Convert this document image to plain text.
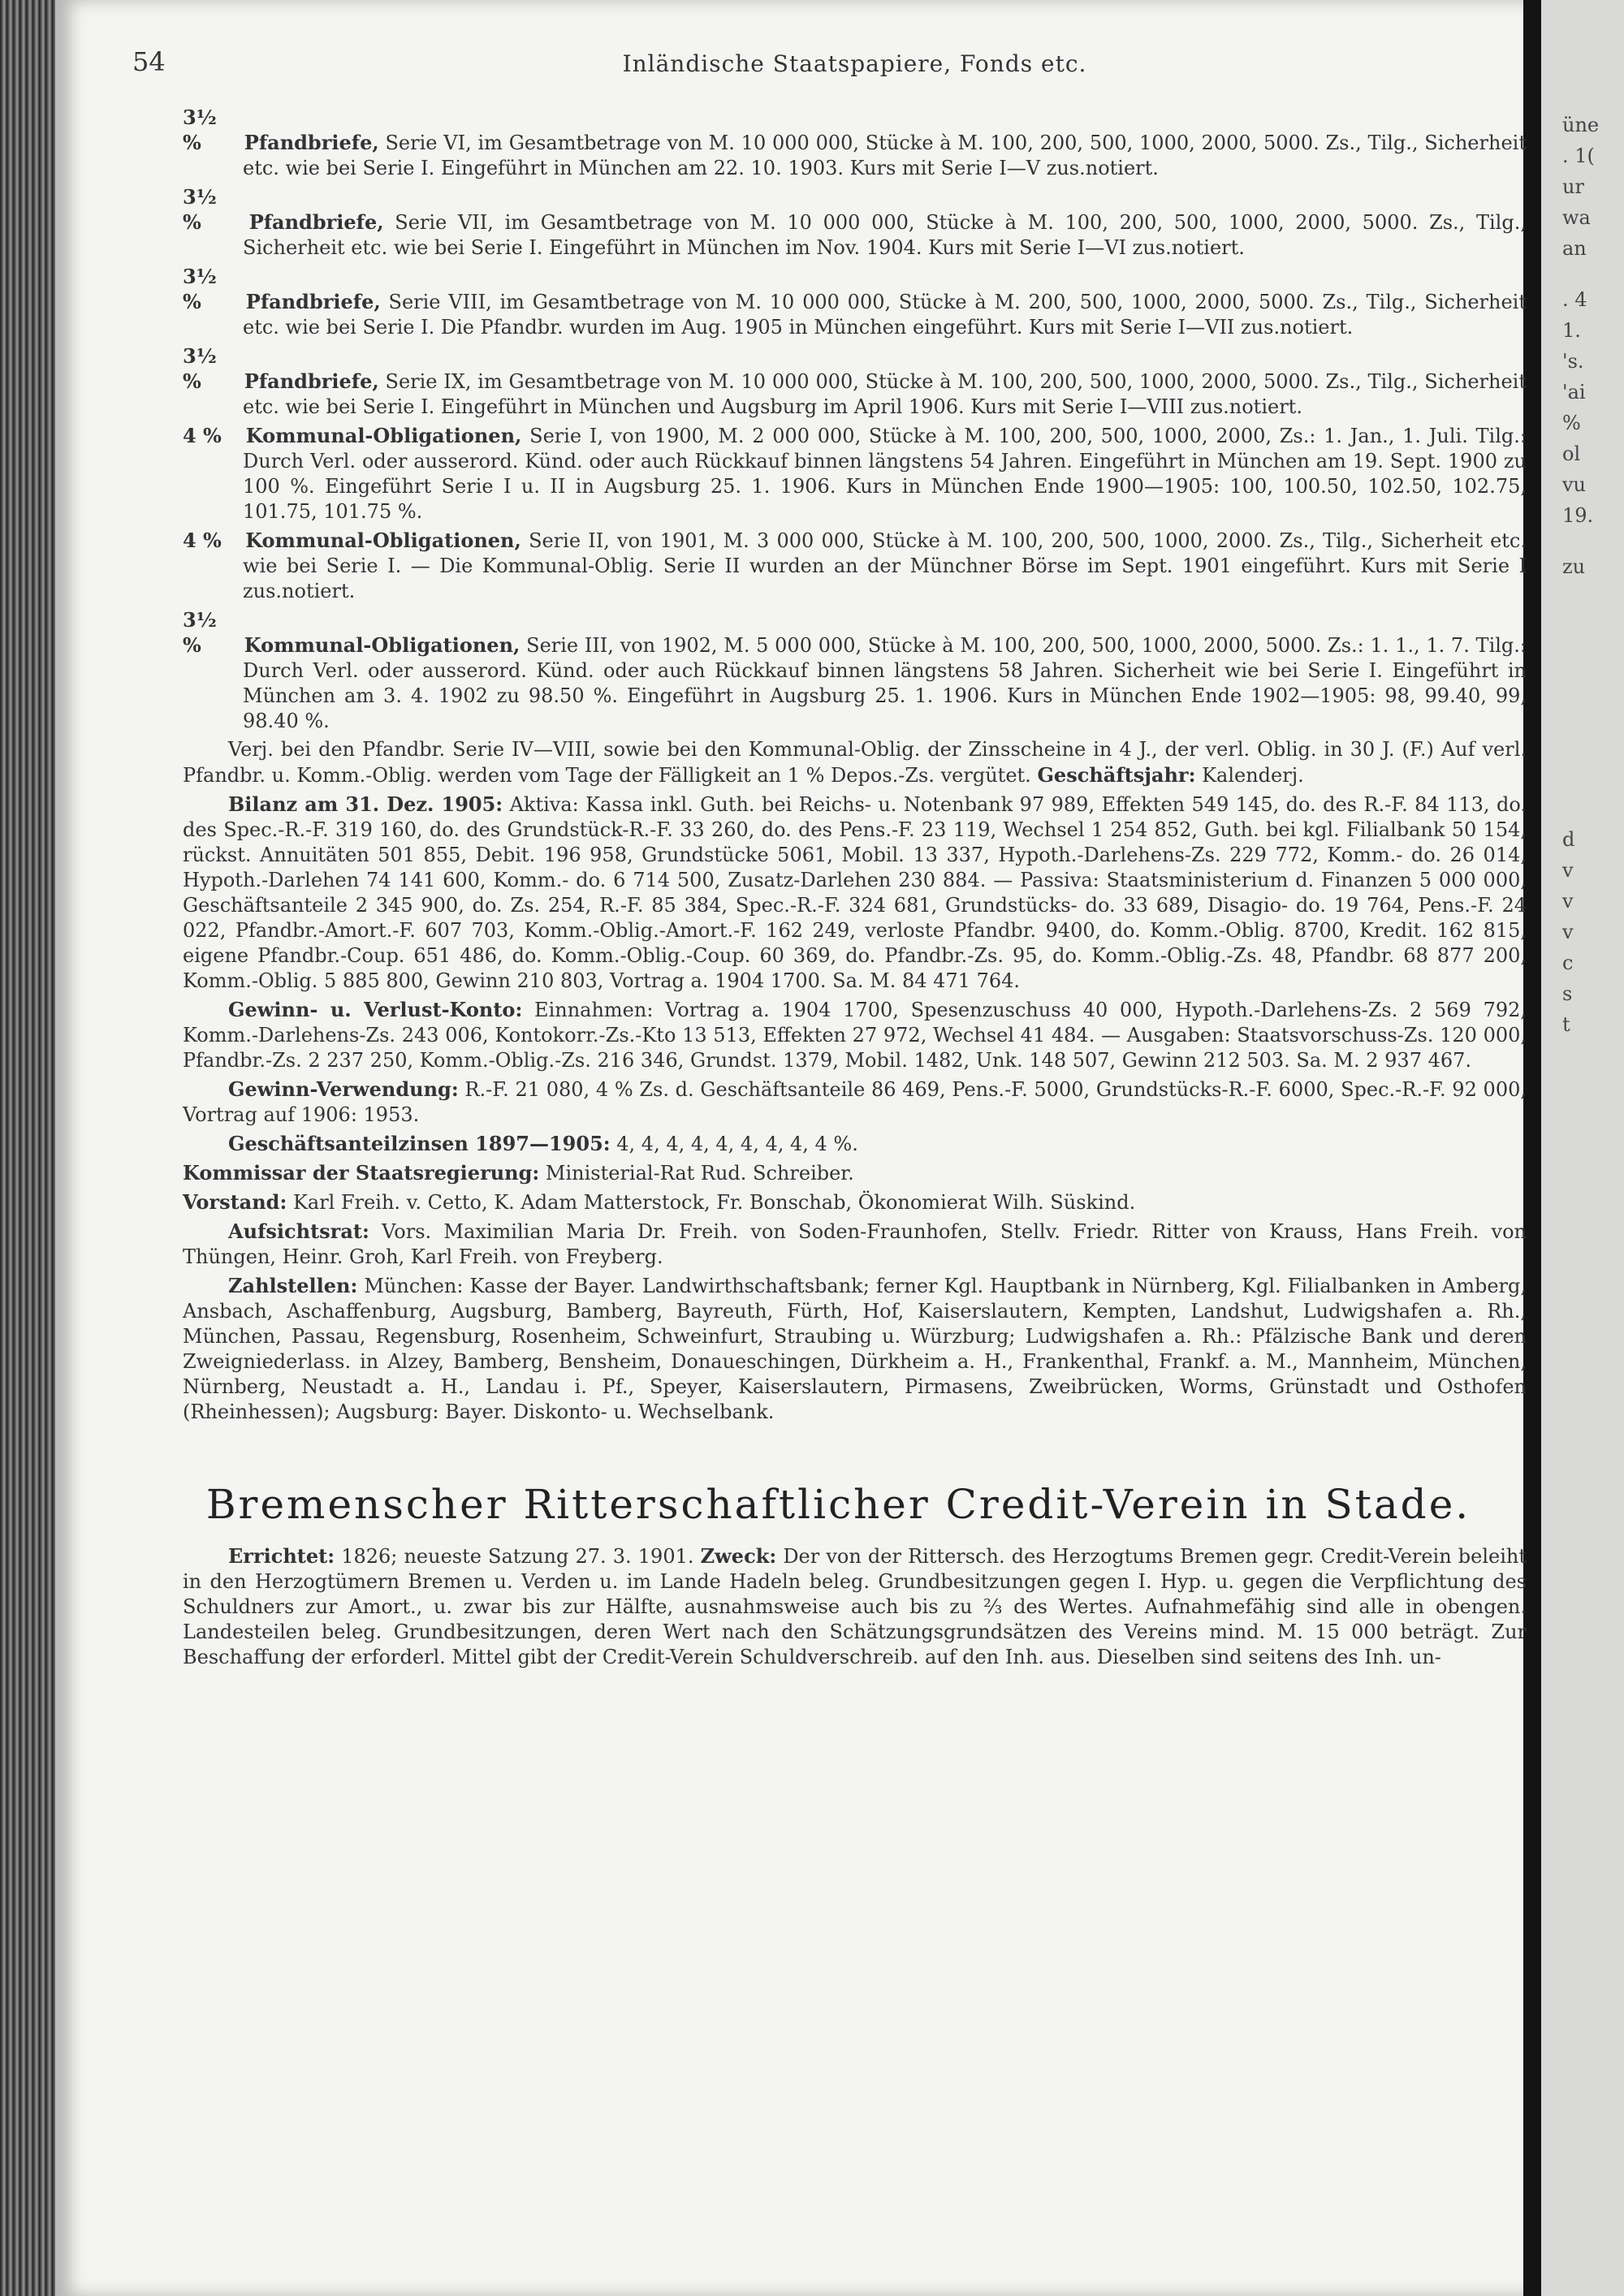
üne
. 1(
ur
wa
an
. 4
1.
's.
'ai
%
ol
vu
19.
zu
d
v
v
v
c
s
t
54	Inländische Staatspapiere, Fonds etc.

3½ % Pfandbriefe, Serie VI, im Gesamtbetrage von M. 10 000 000, Stücke à M. 100, 200, 500, 1000, 2000, 5000. Zs., Tilg., Sicherheit etc. wie bei Serie I. Eingeführt in München am 22. 10. 1903. Kurs mit Serie I—V zus.notiert.

3½ % Pfandbriefe, Serie VII, im Gesamtbetrage von M. 10 000 000, Stücke à M. 100, 200, 500, 1000, 2000, 5000. Zs., Tilg., Sicherheit etc. wie bei Serie I. Eingeführt in München im Nov. 1904. Kurs mit Serie I—VI zus.notiert.

3½ % Pfandbriefe, Serie VIII, im Gesamtbetrage von M. 10 000 000, Stücke à M. 200, 500, 1000, 2000, 5000. Zs., Tilg., Sicherheit etc. wie bei Serie I. Die Pfandbr. wurden im Aug. 1905 in München eingeführt. Kurs mit Serie I—VII zus.notiert.

3½ % Pfandbriefe, Serie IX, im Gesamtbetrage von M. 10 000 000, Stücke à M. 100, 200, 500, 1000, 2000, 5000. Zs., Tilg., Sicherheit etc. wie bei Serie I. Eingeführt in München und Augsburg im April 1906. Kurs mit Serie I—VIII zus.notiert.

4 % Kommunal-Obligationen, Serie I, von 1900, M. 2 000 000, Stücke à M. 100, 200, 500, 1000, 2000, Zs.: 1. Jan., 1. Juli. Tilg.: Durch Verl. oder ausserord. Künd. oder auch Rückkauf binnen längstens 54 Jahren. Eingeführt in München am 19. Sept. 1900 zu 100 %. Eingeführt Serie I u. II in Augsburg 25. 1. 1906. Kurs in München Ende 1900—1905: 100, 100.50, 102.50, 102.75, 101.75, 101.75 %.

4 % Kommunal-Obligationen, Serie II, von 1901, M. 3 000 000, Stücke à M. 100, 200, 500, 1000, 2000. Zs., Tilg., Sicherheit etc. wie bei Serie I. — Die Kommunal-Oblig. Serie II wurden an der Münchner Börse im Sept. 1901 eingeführt. Kurs mit Serie I zus.notiert.

3½ % Kommunal-Obligationen, Serie III, von 1902, M. 5 000 000, Stücke à M. 100, 200, 500, 1000, 2000, 5000. Zs.: 1. 1., 1. 7. Tilg.: Durch Verl. oder ausserord. Künd. oder auch Rückkauf binnen längstens 58 Jahren. Sicherheit wie bei Serie I. Eingeführt in München am 3. 4. 1902 zu 98.50 %. Eingeführt in Augsburg 25. 1. 1906. Kurs in München Ende 1902—1905: 98, 99.40, 99, 98.40 %.

Verj. bei den Pfandbr. Serie IV—VIII, sowie bei den Kommunal-Oblig. der Zinsscheine in 4 J., der verl. Oblig. in 30 J. (F.) Auf verl. Pfandbr. u. Komm.-Oblig. werden vom Tage der Fälligkeit an 1 % Depos.-Zs. vergütet. Geschäftsjahr: Kalenderj.

Bilanz am 31. Dez. 1905: Aktiva: Kassa inkl. Guth. bei Reichs- u. Notenbank 97 989, Effekten 549 145, do. des R.-F. 84 113, do. des Spec.-R.-F. 319 160, do. des Grundstück-R.-F. 33 260, do. des Pens.-F. 23 119, Wechsel 1 254 852, Guth. bei kgl. Filialbank 50 154, rückst. Annuitäten 501 855, Debit. 196 958, Grundstücke 5061, Mobil. 13 337, Hypoth.-Darlehens-Zs. 229 772, Komm.- do. 26 014, Hypoth.-Darlehen 74 141 600, Komm.- do. 6 714 500, Zusatz-Darlehen 230 884. — Passiva: Staatsministerium d. Finanzen 5 000 000, Geschäftsanteile 2 345 900, do. Zs. 254, R.-F. 85 384, Spec.-R.-F. 324 681, Grundstücks- do. 33 689, Disagio- do. 19 764, Pens.-F. 24 022, Pfandbr.-Amort.-F. 607 703, Komm.-Oblig.-Amort.-F. 162 249, verloste Pfandbr. 9400, do. Komm.-Oblig. 8700, Kredit. 162 815, eigene Pfandbr.-Coup. 651 486, do. Komm.-Oblig.-Coup. 60 369, do. Pfandbr.-Zs. 95, do. Komm.-Oblig.-Zs. 48, Pfandbr. 68 877 200, Komm.-Oblig. 5 885 800, Gewinn 210 803, Vortrag a. 1904 1700. Sa. M. 84 471 764.

Gewinn- u. Verlust-Konto: Einnahmen: Vortrag a. 1904 1700, Spesenzuschuss 40 000, Hypoth.-Darlehens-Zs. 2 569 792, Komm.-Darlehens-Zs. 243 006, Kontokorr.-Zs.-Kto 13 513, Effekten 27 972, Wechsel 41 484. — Ausgaben: Staatsvorschuss-Zs. 120 000, Pfandbr.-Zs. 2 237 250, Komm.-Oblig.-Zs. 216 346, Grundst. 1379, Mobil. 1482, Unk. 148 507, Gewinn 212 503. Sa. M. 2 937 467.

Gewinn-Verwendung: R.-F. 21 080, 4 % Zs. d. Geschäftsanteile 86 469, Pens.-F. 5000, Grundstücks-R.-F. 6000, Spec.-R.-F. 92 000, Vortrag auf 1906: 1953.

Geschäftsanteilzinsen 1897—1905: 4, 4, 4, 4, 4, 4, 4, 4, 4 %.

Kommissar der Staatsregierung: Ministerial-Rat Rud. Schreiber.

Vorstand: Karl Freih. v. Cetto, K. Adam Matterstock, Fr. Bonschab, Ökonomierat Wilh. Süskind.

Aufsichtsrat: Vors. Maximilian Maria Dr. Freih. von Soden-Fraunhofen, Stellv. Friedr. Ritter von Krauss, Hans Freih. von Thüngen, Heinr. Groh, Karl Freih. von Freyberg.

Zahlstellen: München: Kasse der Bayer. Landwirthschaftsbank; ferner Kgl. Hauptbank in Nürnberg, Kgl. Filialbanken in Amberg, Ansbach, Aschaffenburg, Augsburg, Bamberg, Bayreuth, Fürth, Hof, Kaiserslautern, Kempten, Landshut, Ludwigshafen a. Rh., München, Passau, Regensburg, Rosenheim, Schweinfurt, Straubing u. Würzburg; Ludwigshafen a. Rh.: Pfälzische Bank und deren Zweigniederlass. in Alzey, Bamberg, Bensheim, Donaueschingen, Dürkheim a. H., Frankenthal, Frankf. a. M., Mannheim, München, Nürnberg, Neustadt a. H., Landau i. Pf., Speyer, Kaiserslautern, Pirmasens, Zweibrücken, Worms, Grünstadt und Osthofen (Rheinhessen); Augsburg: Bayer. Diskonto- u. Wechselbank.

Bremenscher Ritterschaftlicher Credit-Verein in Stade.

Errichtet: 1826; neueste Satzung 27. 3. 1901. Zweck: Der von der Rittersch. des Herzogtums Bremen gegr. Credit-Verein beleiht in den Herzogtümern Bremen u. Verden u. im Lande Hadeln beleg. Grundbesitzungen gegen I. Hyp. u. gegen die Verpflichtung des Schuldners zur Amort., u. zwar bis zur Hälfte, ausnahmsweise auch bis zu ⅔ des Wertes. Aufnahmefähig sind alle in obengen. Landesteilen beleg. Grundbesitzungen, deren Wert nach den Schätzungsgrundsätzen des Vereins mind. M. 15 000 beträgt. Zur Beschaffung der erforderl. Mittel gibt der Credit-Verein Schuldverschreib. auf den Inh. aus. Dieselben sind seitens des Inh. un-
